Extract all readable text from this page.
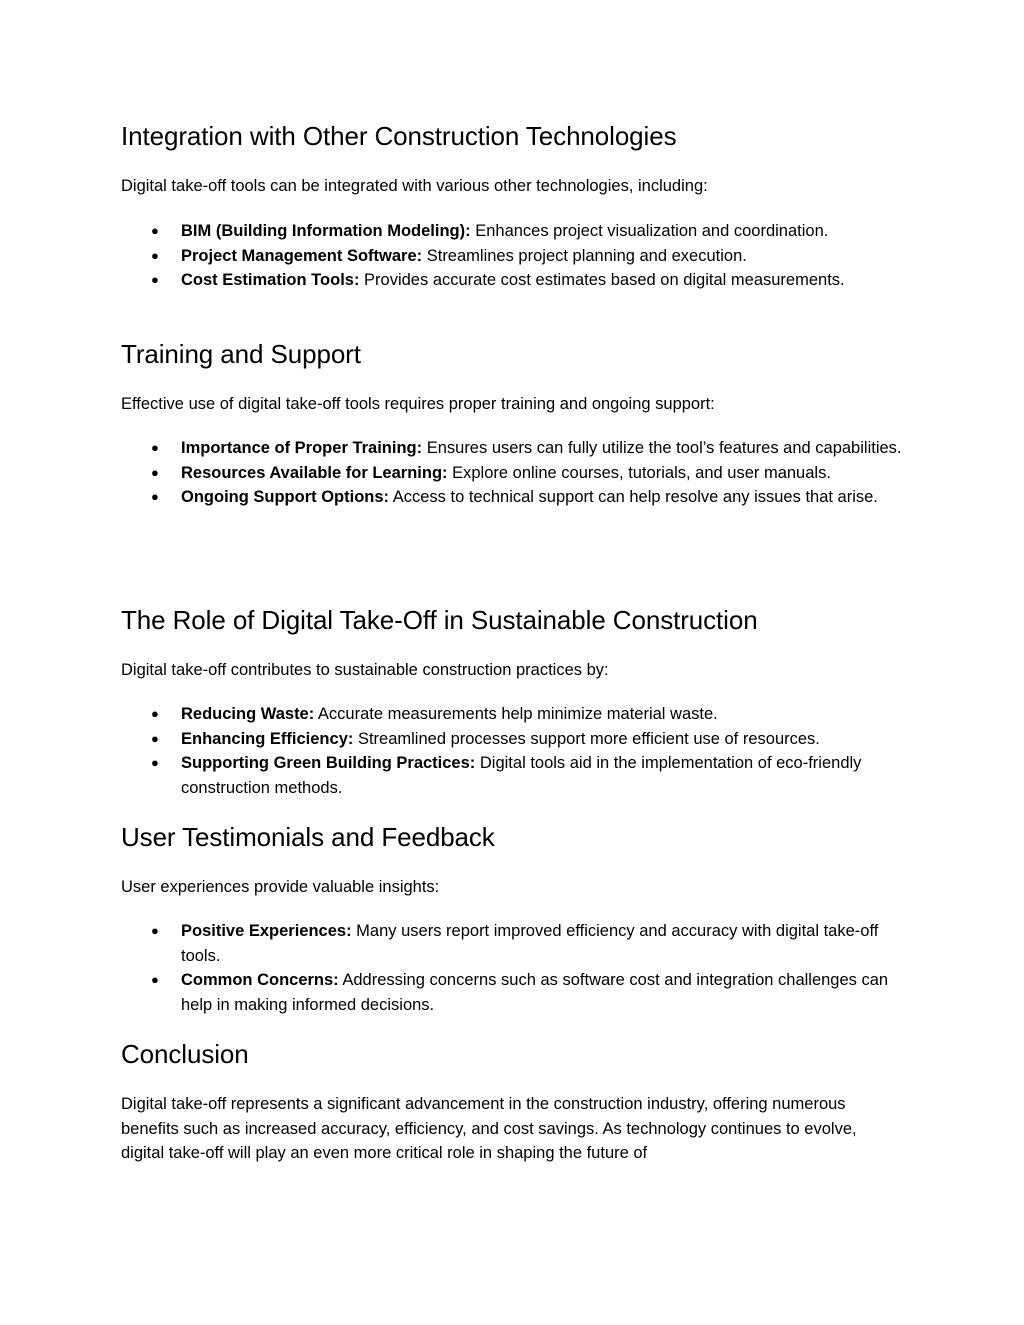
Integration with Other Construction Technologies

Digital take-off tools can be integrated with various other technologies, including:

● BIM (Building Information Modeling): Enhances project visualization and coordination.
● Project Management Software: Streamlines project planning and execution.
● Cost Estimation Tools: Provides accurate cost estimates based on digital measurements.
Training and Support

Effective use of digital take-off tools requires proper training and ongoing support:

● Importance of Proper Training: Ensures users can fully utilize the tool’s features and capabilities.
● Resources Available for Learning: Explore online courses, tutorials, and user manuals.
● Ongoing Support Options: Access to technical support can help resolve any issues that arise.
The Role of Digital Take-Off in Sustainable Construction

Digital take-off contributes to sustainable construction practices by:

● Reducing Waste: Accurate measurements help minimize material waste.
● Enhancing Efficiency: Streamlined processes support more efficient use of resources.
● Supporting Green Building Practices: Digital tools aid in the implementation of eco-friendly construction methods.
User Testimonials and Feedback

User experiences provide valuable insights:

● Positive Experiences: Many users report improved efficiency and accuracy with digital take-off tools.
● Common Concerns: Addressing concerns such as software cost and integration challenges can help in making informed decisions.
Conclusion

Digital take-off represents a significant advancement in the construction industry, offering numerous benefits such as increased accuracy, efficiency, and cost savings. As technology continues to evolve, digital take-off will play an even more critical role in shaping the future of
